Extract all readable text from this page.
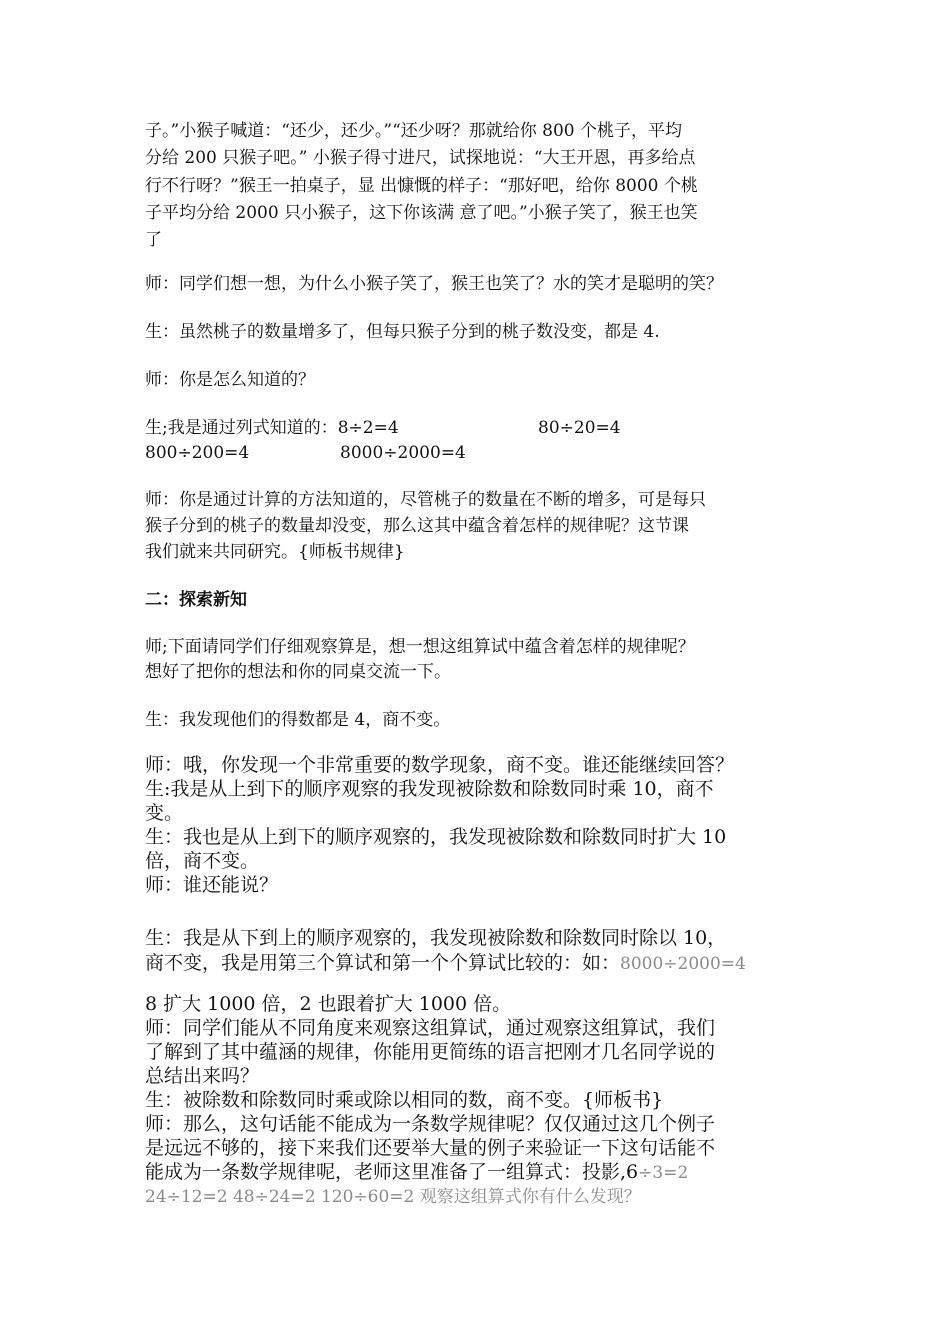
子。”小猴子喊道：“还少，还少。”“还少呀？那就给你 800 个桃子，平均
分给 200 只猴子吧。” 小猴子得寸进尺，试探地说：“大王开恩，再多给点
行不行呀？”猴王一拍桌子，显 出慷慨的样子：“那好吧，给你 8000 个桃
子平均分给 2000 只小猴子，这下你该满 意了吧。”小猴子笑了，猴王也笑
了
师：同学们想一想，为什么小猴子笑了，猴王也笑了？水的笑才是聪明的笑？
生：虽然桃子的数量增多了，但每只猴子分到的桃子数没变，都是 4.
师：你是怎么知道的？
生;我是通过列式知道的：8÷2=4	80÷20=4
800÷200=4	8000÷2000=4
师：你是通过计算的方法知道的，尽管桃子的数量在不断的增多，可是每只
猴子分到的桃子的数量却没变，那么这其中蕴含着怎样的规律呢？这节课
我们就来共同研究。{师板书规律}
二：探索新知
师;下面请同学们仔细观察算是，想一想这组算试中蕴含着怎样的规律呢？
想好了把你的想法和你的同桌交流一下。
生：我发现他们的得数都是 4，商不变。
师：哦，你发现一个非常重要的数学现象，商不变。谁还能继续回答？
生:我是从上到下的顺序观察的我发现被除数和除数同时乘 10，商不
变。
生：我也是从上到下的顺序观察的，我发现被除数和除数同时扩大 10
倍，商不变。
师：谁还能说？
生：我是从下到上的顺序观察的，我发现被除数和除数同时除以 10，
商不变，我是用第三个算试和第一个个算试比较的：如：8000÷2000=4
8 扩大 1000 倍，2 也跟着扩大 1000 倍。
师：同学们能从不同角度来观察这组算试，通过观察这组算试，我们
了解到了其中蕴涵的规律，你能用更简练的语言把刚才几名同学说的
总结出来吗？
生：被除数和除数同时乘或除以相同的数，商不变。{师板书}
师：那么，这句话能不能成为一条数学规律呢？仅仅通过这几个例子
是远远不够的，接下来我们还要举大量的例子来验证一下这句话能不
能成为一条数学规律呢，老师这里准备了一组算式：投影,6÷3=2
24÷12=2 48÷24=2 120÷60=2 观察这组算式你有什么发现？
